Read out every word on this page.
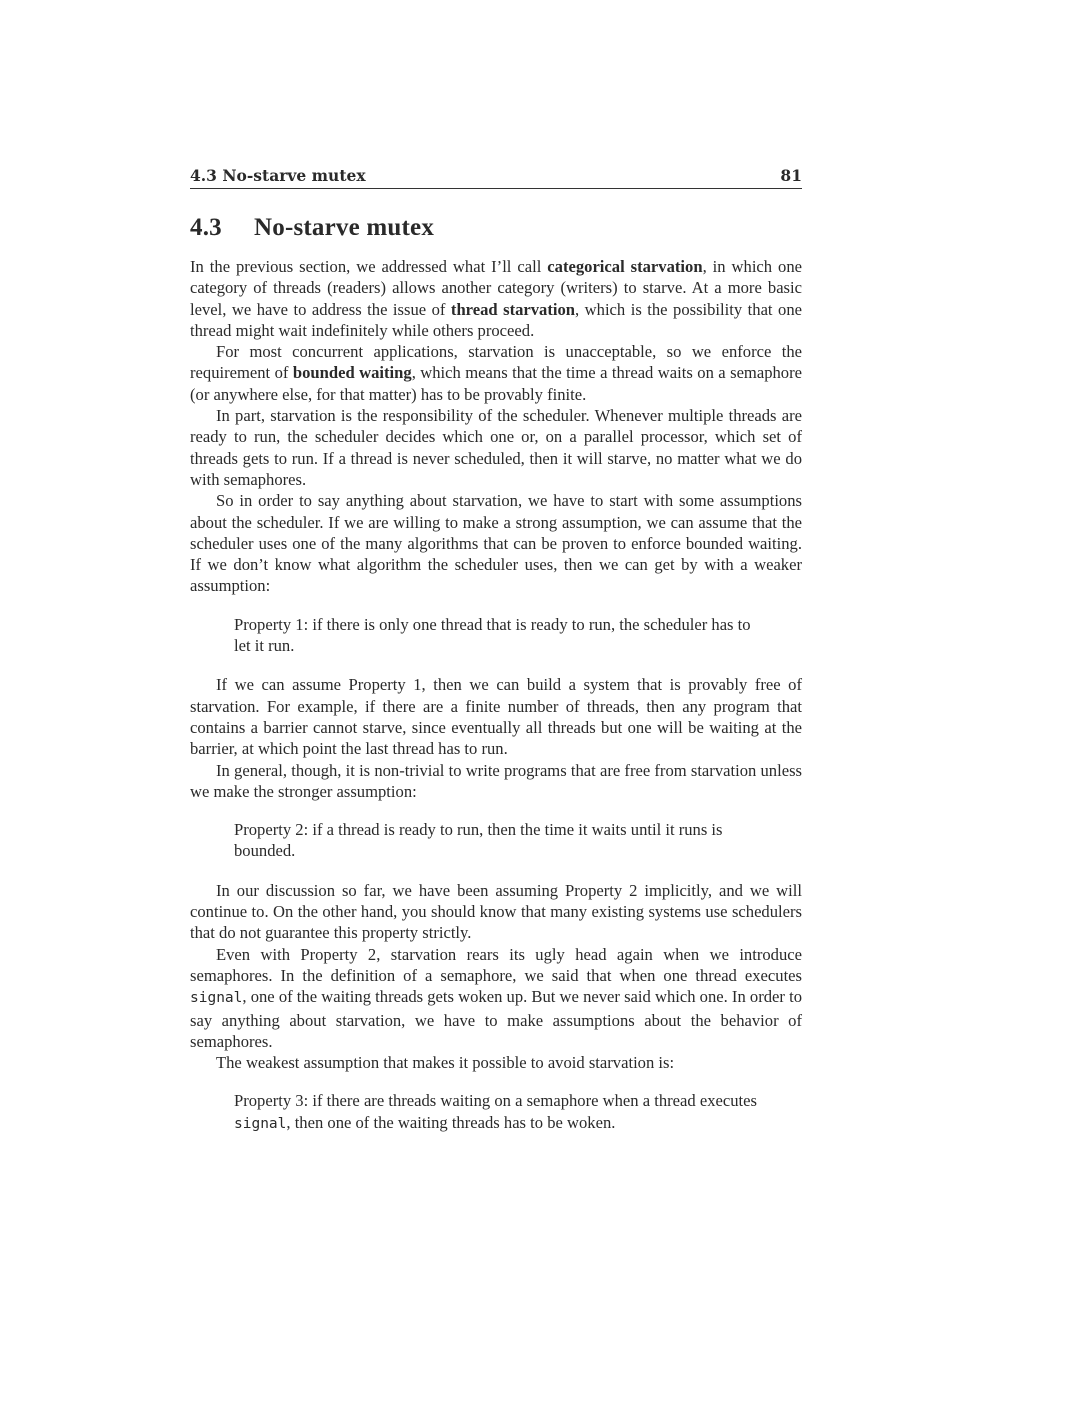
4.3 No-starve mutex	81
4.3 No-starve mutex

In the previous section, we addressed what I’ll call categorical starvation, in which one category of threads (readers) allows another category (writers) to starve. At a more basic level, we have to address the issue of thread starvation, which is the possibility that one thread might wait indefinitely while others proceed.

For most concurrent applications, starvation is unacceptable, so we enforce the requirement of bounded waiting, which means that the time a thread waits on a semaphore (or anywhere else, for that matter) has to be provably finite.

In part, starvation is the responsibility of the scheduler. Whenever multiple threads are ready to run, the scheduler decides which one or, on a parallel processor, which set of threads gets to run. If a thread is never scheduled, then it will starve, no matter what we do with semaphores.

So in order to say anything about starvation, we have to start with some assumptions about the scheduler. If we are willing to make a strong assumption, we can assume that the scheduler uses one of the many algorithms that can be proven to enforce bounded waiting. If we don’t know what algorithm the scheduler uses, then we can get by with a weaker assumption:

Property 1: if there is only one thread that is ready to run, the scheduler has to let it run.

If we can assume Property 1, then we can build a system that is provably free of starvation. For example, if there are a finite number of threads, then any program that contains a barrier cannot starve, since eventually all threads but one will be waiting at the barrier, at which point the last thread has to run.

In general, though, it is non-trivial to write programs that are free from starvation unless we make the stronger assumption:

Property 2: if a thread is ready to run, then the time it waits until it runs is bounded.

In our discussion so far, we have been assuming Property 2 implicitly, and we will continue to. On the other hand, you should know that many existing systems use schedulers that do not guarantee this property strictly.

Even with Property 2, starvation rears its ugly head again when we introduce semaphores. In the definition of a semaphore, we said that when one thread executes signal, one of the waiting threads gets woken up. But we never said which one. In order to say anything about starvation, we have to make assumptions about the behavior of semaphores.

The weakest assumption that makes it possible to avoid starvation is:

Property 3: if there are threads waiting on a semaphore when a thread executes signal, then one of the waiting threads has to be woken.
